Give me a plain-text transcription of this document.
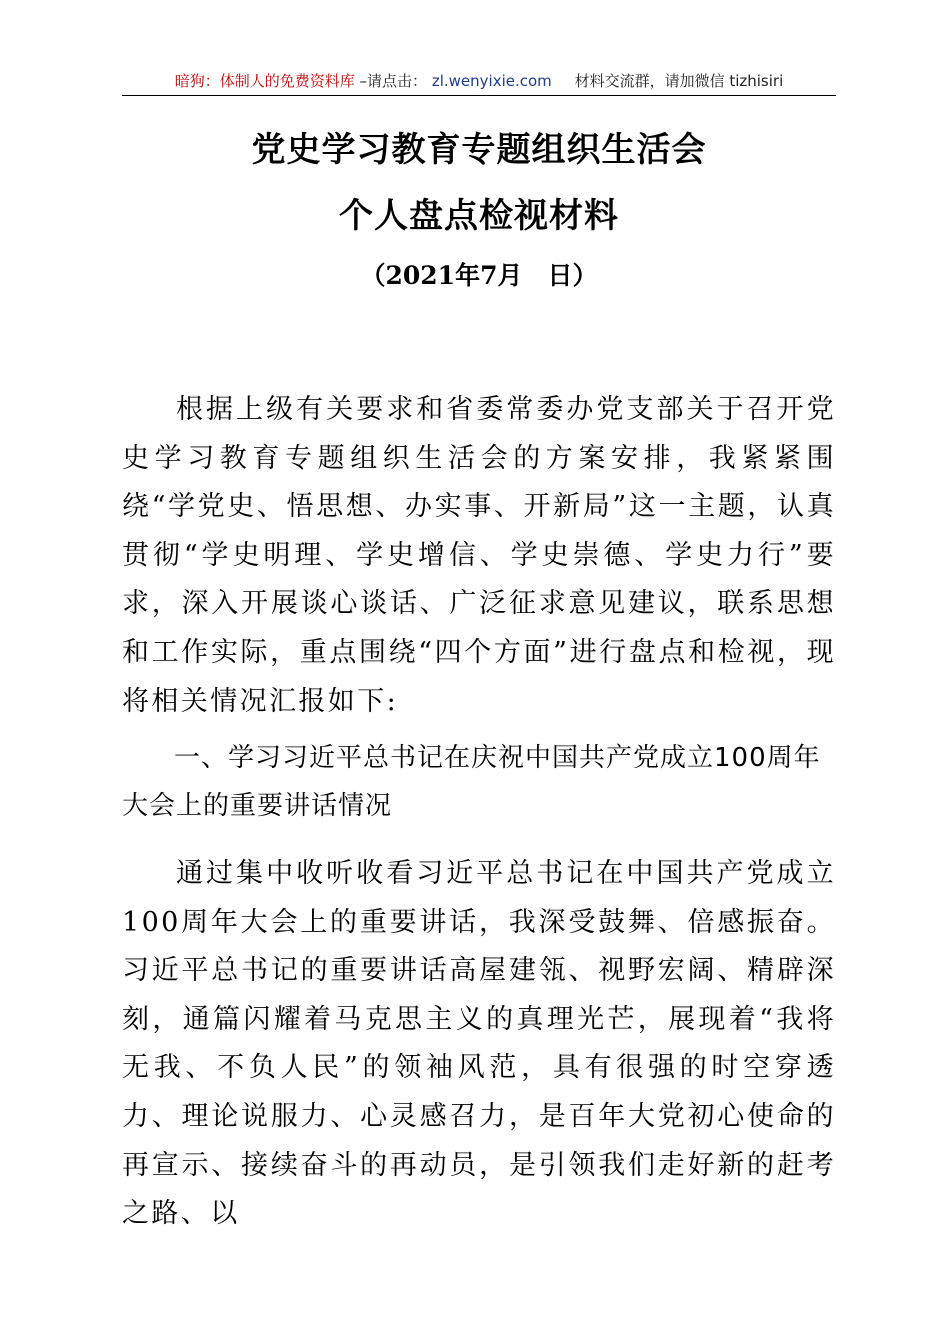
暗狗：体制人的免费资料库 –请点击： zl.wenyixie.com 材料交流群，请加微信 tizhisiri
党史学习教育专题组织生活会
个人盘点检视材料
（2021年7月　日）
根据上级有关要求和省委常委办党支部关于召开党史学习教育专题组织生活会的方案安排，我紧紧围绕“学党史、悟思想、办实事、开新局”这一主题，认真贯彻“学史明理、学史增信、学史崇德、学史力行”要求，深入开展谈心谈话、广泛征求意见建议，联系思想和工作实际，重点围绕“四个方面”进行盘点和检视，现将相关情况汇报如下:
一、学习习近平总书记在庆祝中国共产党成立100周年大会上的重要讲话情况
通过集中收听收看习近平总书记在中国共产党成立100周年大会上的重要讲话，我深受鼓舞、倍感振奋。习近平总书记的重要讲话高屋建瓴、视野宏阔、精辟深刻，通篇闪耀着马克思主义的真理光芒，展现着“我将无我、不负人民”的领袖风范，具有很强的时空穿透力、理论说服力、心灵感召力，是百年大党初心使命的再宣示、接续奋斗的再动员，是引领我们走好新的赶考之路、以
